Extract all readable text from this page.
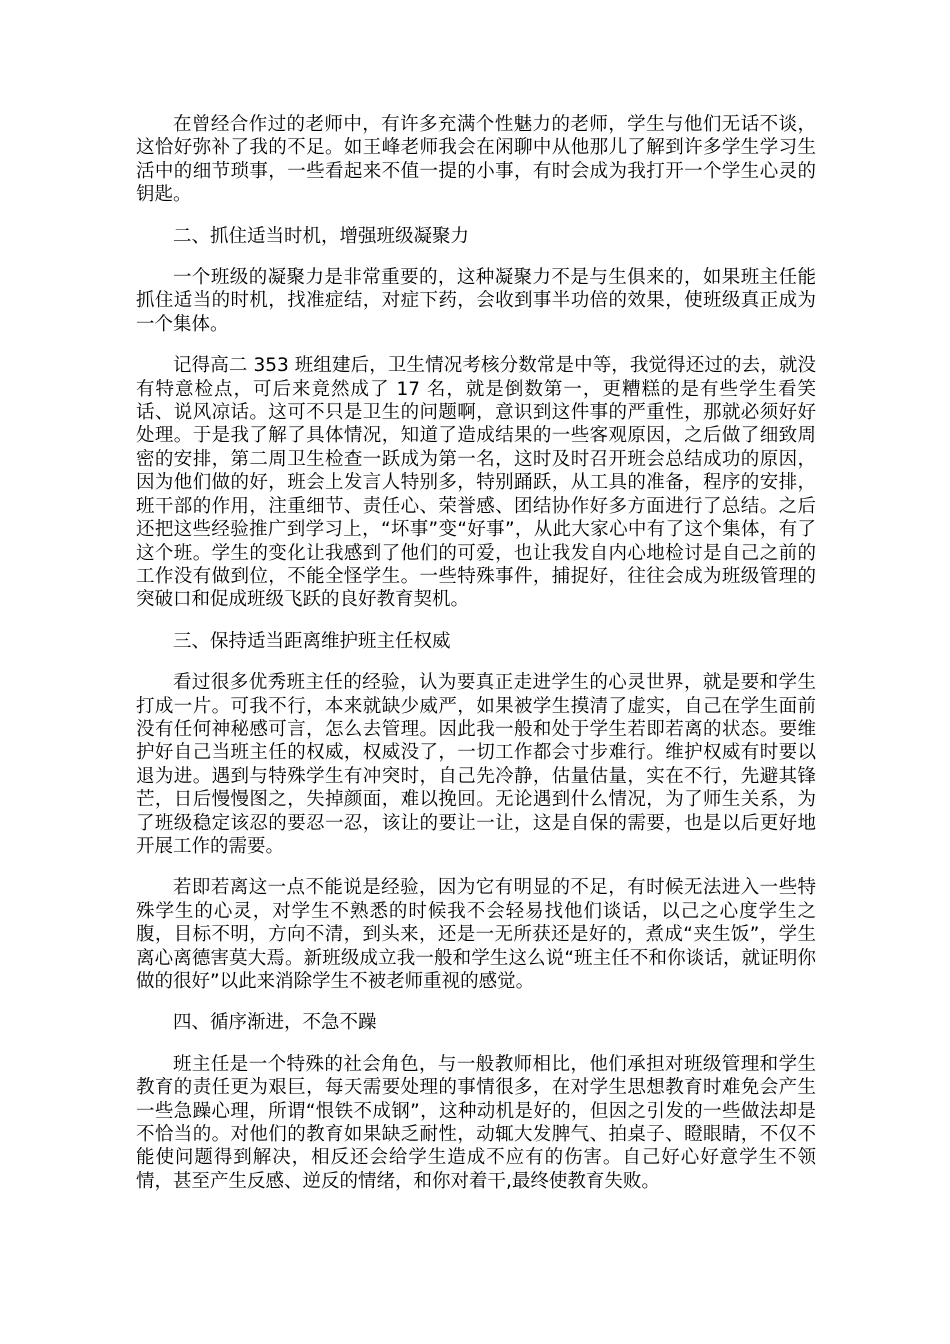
在曾经合作过的老师中，有许多充满个性魅力的老师，学生与他们无话不谈，这恰好弥补了我的不足。如王峰老师我会在闲聊中从他那儿了解到许多学生学习生活中的细节琐事，一些看起来不值一提的小事，有时会成为我打开一个学生心灵的钥匙。

二、抓住适当时机，增强班级凝聚力

一个班级的凝聚力是非常重要的，这种凝聚力不是与生俱来的，如果班主任能抓住适当的时机，找准症结，对症下药，会收到事半功倍的效果，使班级真正成为一个集体。

记得高二 353 班组建后，卫生情况考核分数常是中等，我觉得还过的去，就没有特意检点，可后来竟然成了 17 名，就是倒数第一，更糟糕的是有些学生看笑话、说风凉话。这可不只是卫生的问题啊，意识到这件事的严重性，那就必须好好处理。于是我了解了具体情况，知道了造成结果的一些客观原因，之后做了细致周密的安排，第二周卫生检查一跃成为第一名，这时及时召开班会总结成功的原因，因为他们做的好，班会上发言人特别多，特别踊跃，从工具的准备，程序的安排，班干部的作用，注重细节、责任心、荣誉感、团结协作好多方面进行了总结。之后还把这些经验推广到学习上，“坏事”变“好事”，从此大家心中有了这个集体，有了这个班。学生的变化让我感到了他们的可爱，也让我发自内心地检讨是自己之前的工作没有做到位，不能全怪学生。一些特殊事件，捕捉好，往往会成为班级管理的突破口和促成班级飞跃的良好教育契机。

三、保持适当距离维护班主任权威

看过很多优秀班主任的经验，认为要真正走进学生的心灵世界，就是要和学生打成一片。可我不行，本来就缺少威严，如果被学生摸清了虚实，自己在学生面前没有任何神秘感可言，怎么去管理。因此我一般和处于学生若即若离的状态。要维护好自己当班主任的权威，权威没了，一切工作都会寸步难行。维护权威有时要以退为进。遇到与特殊学生有冲突时，自己先冷静，估量估量，实在不行，先避其锋芒，日后慢慢图之，失掉颜面，难以挽回。无论遇到什么情况，为了师生关系，为了班级稳定该忍的要忍一忍，该让的要让一让，这是自保的需要，也是以后更好地开展工作的需要。

若即若离这一点不能说是经验，因为它有明显的不足，有时候无法进入一些特殊学生的心灵，对学生不熟悉的时候我不会轻易找他们谈话，以己之心度学生之腹，目标不明，方向不清，到头来，还是一无所获还是好的，煮成“夹生饭”，学生离心离德害莫大焉。新班级成立我一般和学生这么说“班主任不和你谈话，就证明你做的很好”以此来消除学生不被老师重视的感觉。

四、循序渐进，不急不躁

班主任是一个特殊的社会角色，与一般教师相比，他们承担对班级管理和学生教育的责任更为艰巨，每天需要处理的事情很多，在对学生思想教育时难免会产生一些急躁心理，所谓“恨铁不成钢”，这种动机是好的，但因之引发的一些做法却是不恰当的。对他们的教育如果缺乏耐性，动辄大发脾气、拍桌子、瞪眼睛，不仅不能使问题得到解决，相反还会给学生造成不应有的伤害。自己好心好意学生不领情，甚至产生反感、逆反的情绪，和你对着干,最终使教育失败。
